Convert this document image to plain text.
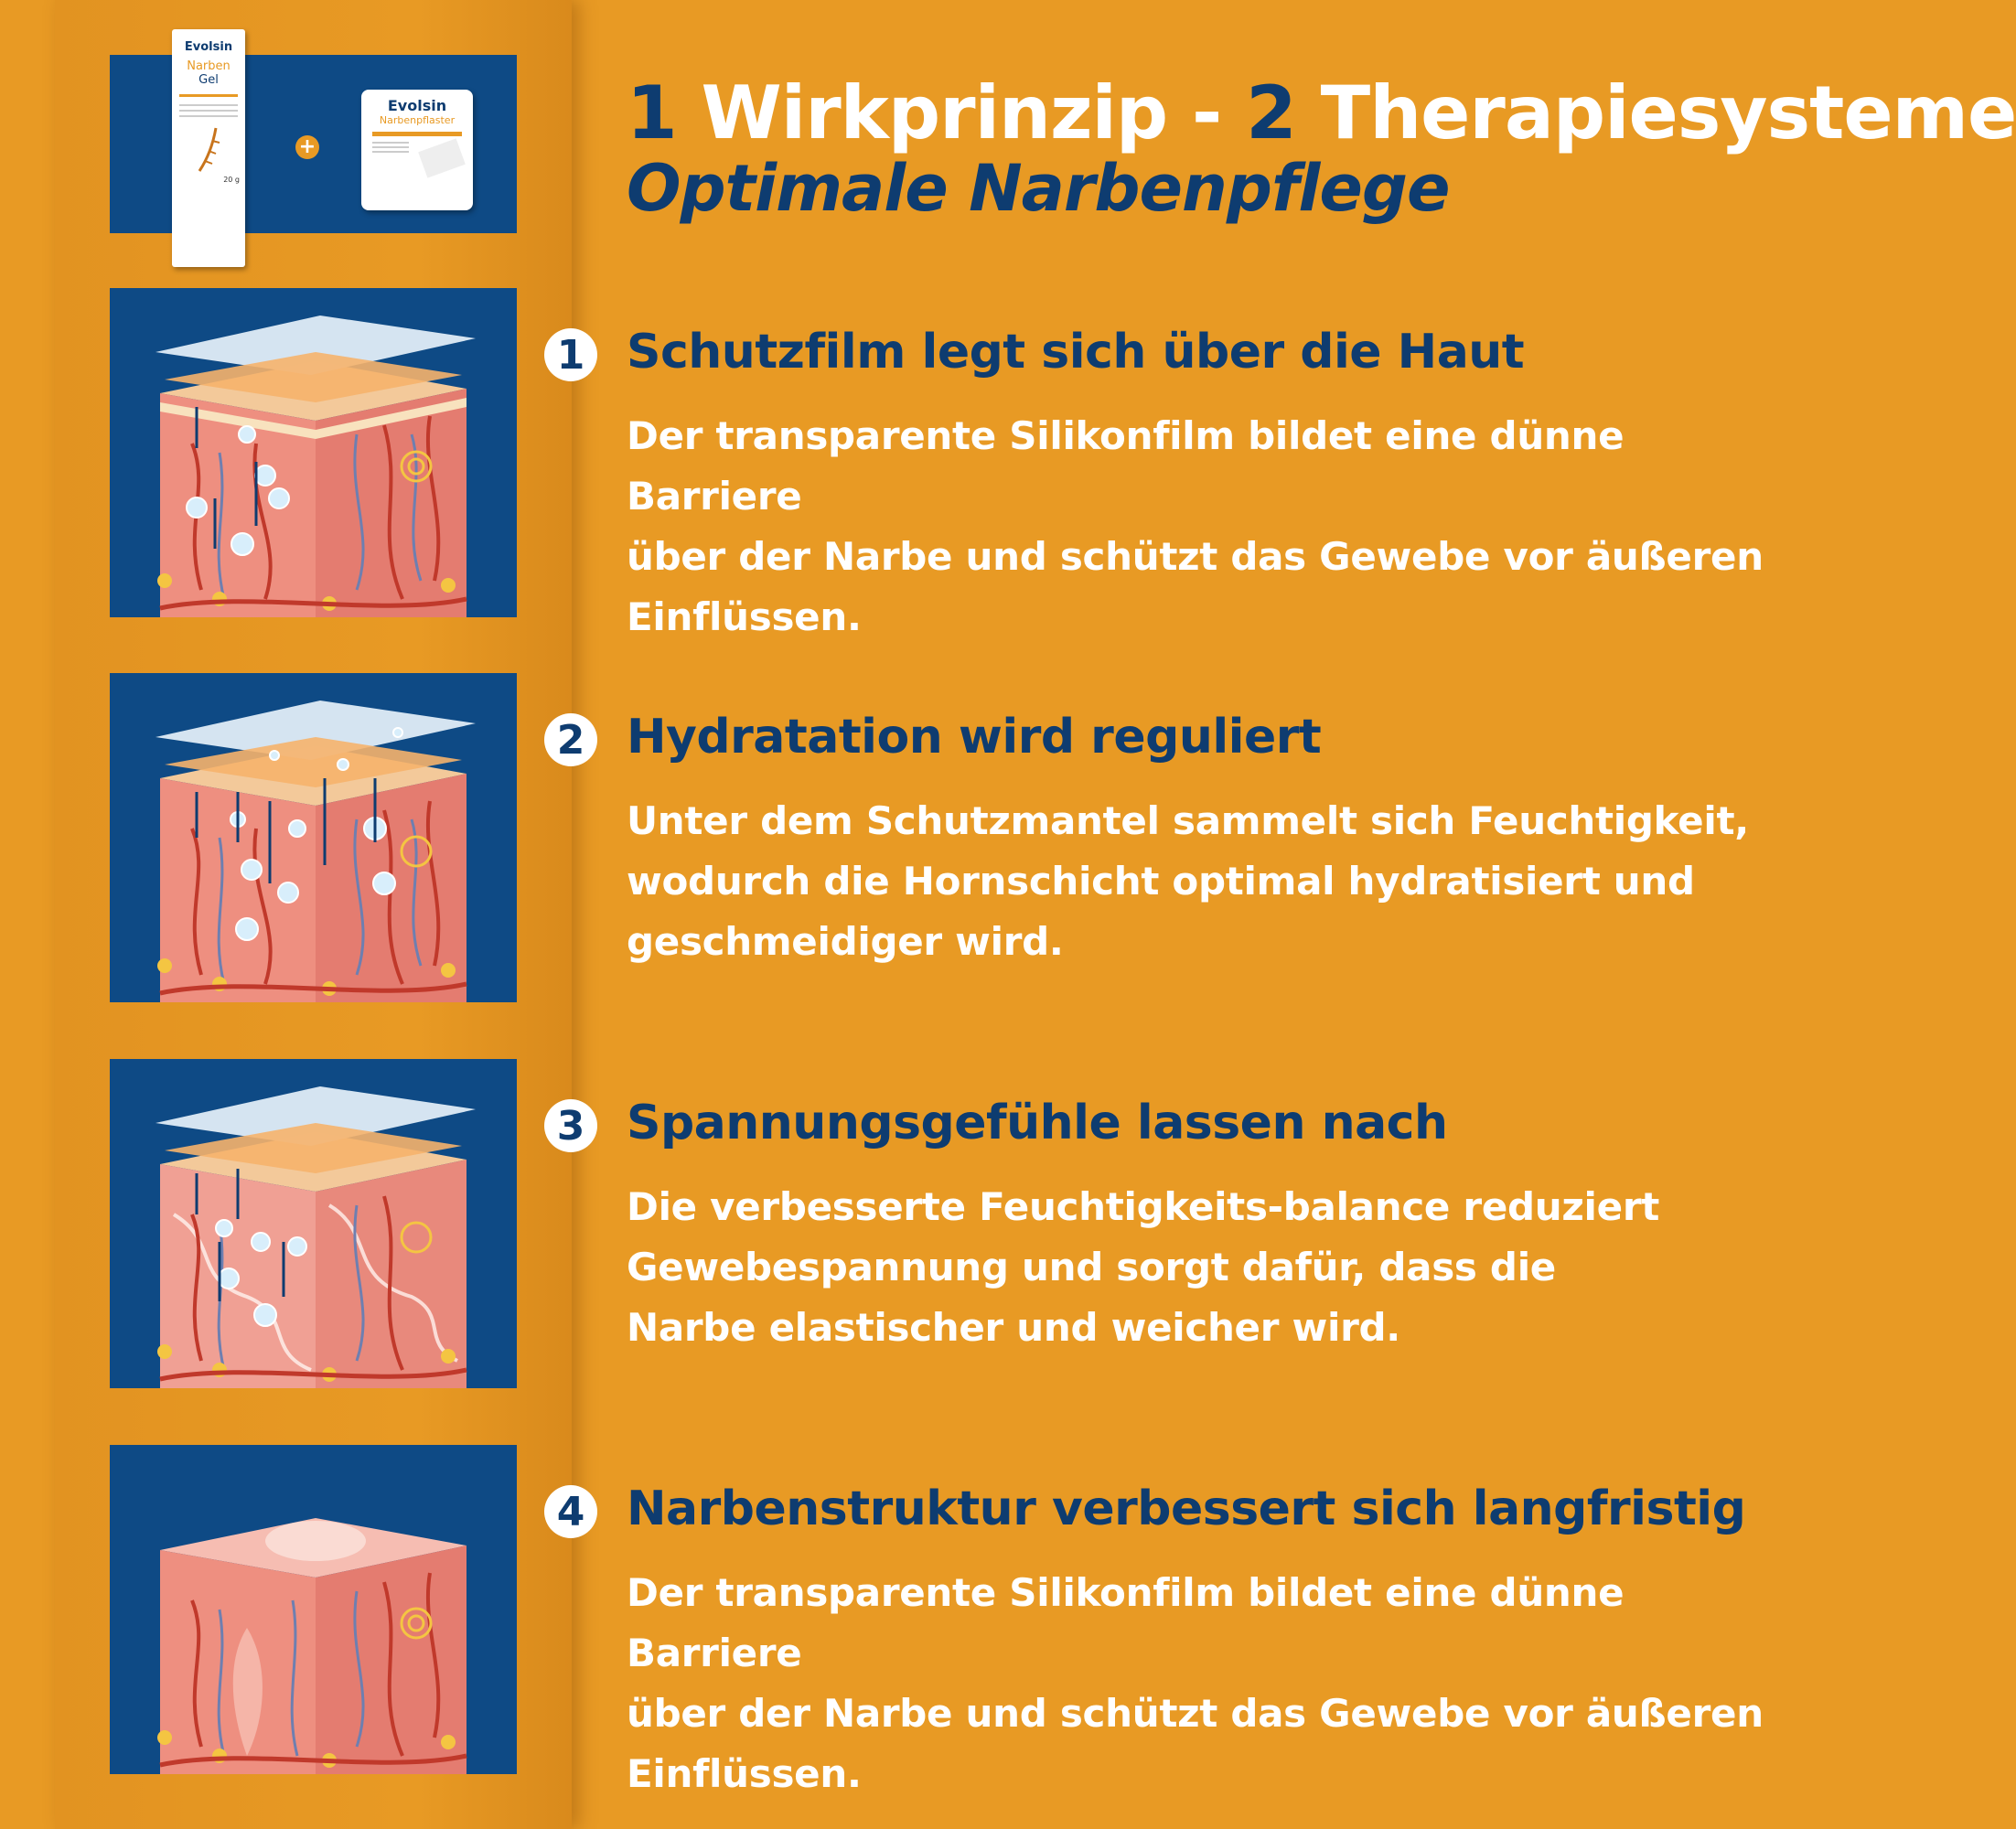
Evolsin
Narben
Gel
20 g
+
Evolsin
Narbenpflaster 1 Wirkprinzip - 2 Therapiesysteme
Optimale Narbenpflege
1 Schutzfilm legt sich über die Haut
Der transparente Silikonfilm bildet eine dünne Barriere
über der Narbe und schützt das Gewebe vor äußeren
Einflüssen.
2 Hydratation wird reguliert
Unter dem Schutzmantel sammelt sich Feuchtigkeit,
wodurch die Hornschicht optimal hydratisiert und
geschmeidiger wird.
3 Spannungsgefühle lassen nach
Die verbesserte Feuchtigkeits-balance reduziert
Gewebespannung und sorgt dafür, dass die
Narbe elastischer und weicher wird.
4 Narbenstruktur verbessert sich langfristig
Der transparente Silikonfilm bildet eine dünne Barriere
über der Narbe und schützt das Gewebe vor äußeren
Einflüssen.
